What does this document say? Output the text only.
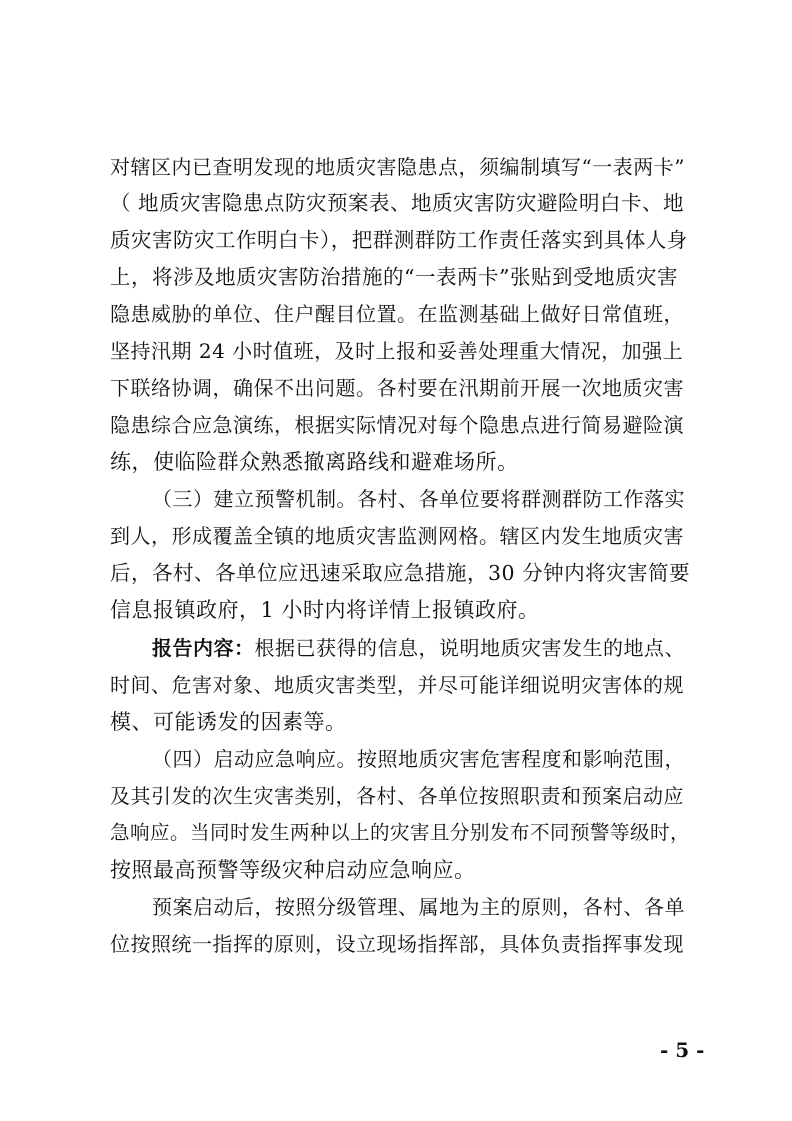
对辖区内已查明发现的地质灾害隐患点，须编制填写“一表两卡”
（ 地质灾害隐患点防灾预案表、地质灾害防灾避险明白卡、地
质灾害防灾工作明白卡），把群测群防工作责任落实到具体人身
上，将涉及地质灾害防治措施的“一表两卡”张贴到受地质灾害
隐患威胁的单位、住户醒目位置。在监测基础上做好日常值班，
坚持汛期 24 小时值班，及时上报和妥善处理重大情况，加强上
下联络协调，确保不出问题。各村要在汛期前开展一次地质灾害
隐患综合应急演练，根据实际情况对每个隐患点进行简易避险演
练，使临险群众熟悉撤离路线和避难场所。
（三）建立预警机制。各村、各单位要将群测群防工作落实
到人，形成覆盖全镇的地质灾害监测网格。辖区内发生地质灾害
后，各村、各单位应迅速采取应急措施，30 分钟内将灾害简要
信息报镇政府，1 小时内将详情上报镇政府。
报告内容：根据已获得的信息，说明地质灾害发生的地点、
时间、危害对象、地质灾害类型，并尽可能详细说明灾害体的规
模、可能诱发的因素等。
（四）启动应急响应。按照地质灾害危害程度和影响范围，
及其引发的次生灾害类别，各村、各单位按照职责和预案启动应
急响应。当同时发生两种以上的灾害且分别发布不同预警等级时，
按照最高预警等级灾种启动应急响应。
预案启动后，按照分级管理、属地为主的原则，各村、各单
位按照统一指挥的原则，设立现场指挥部，具体负责指挥事发现
- 5 -
